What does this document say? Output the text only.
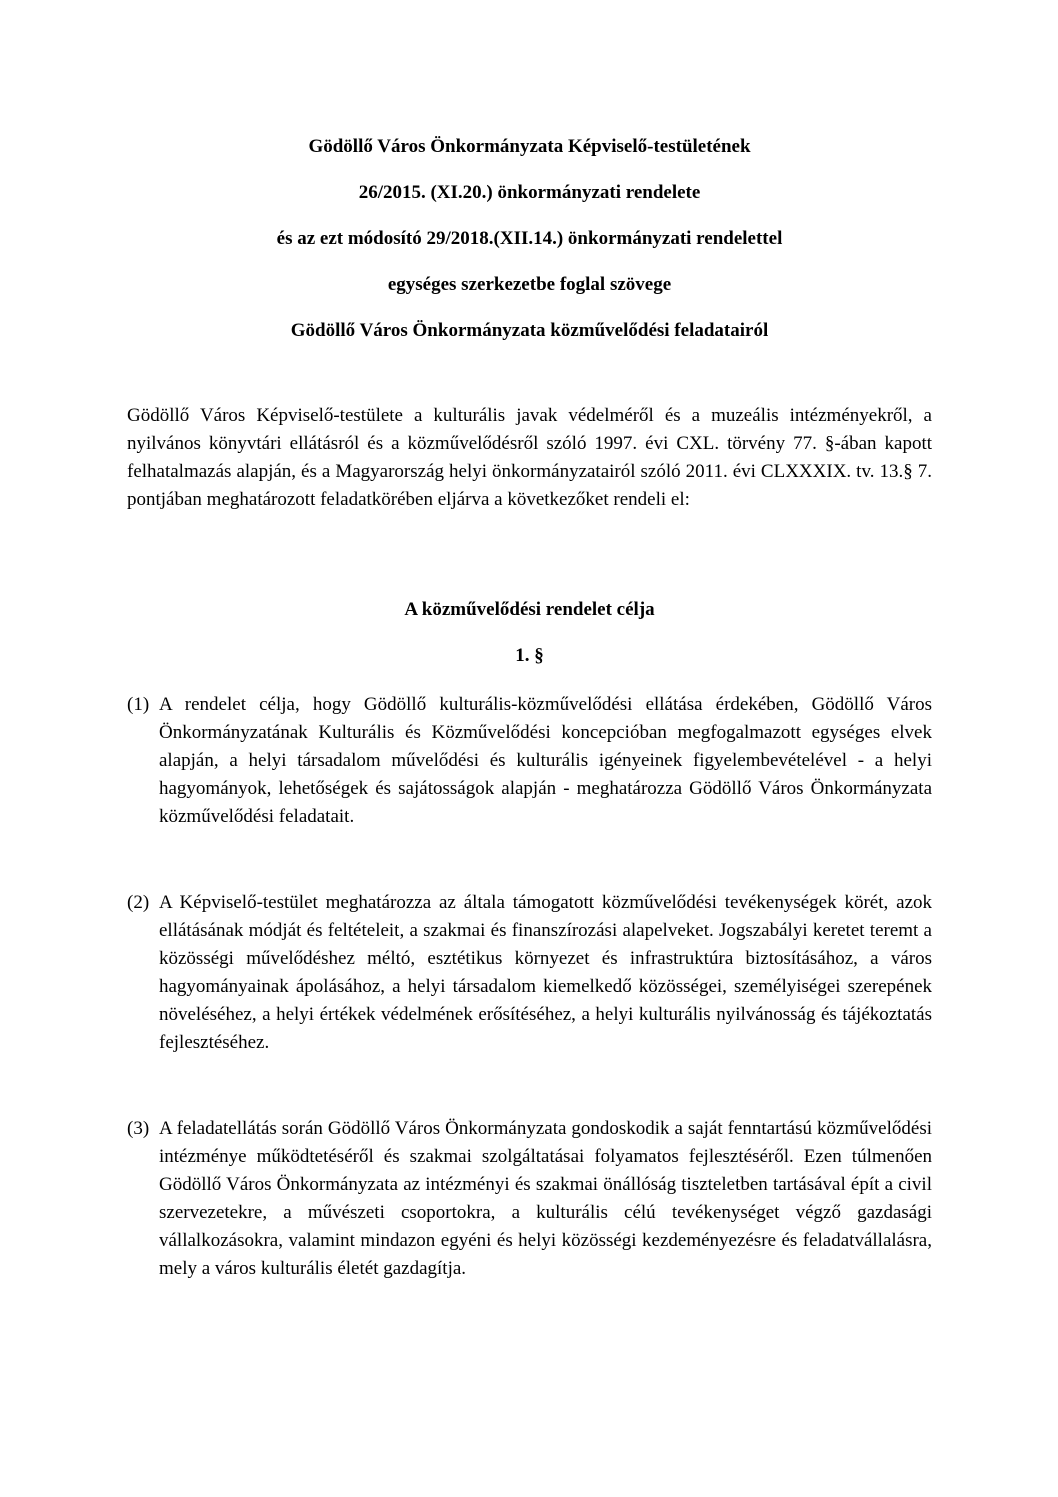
Gödöllő Város Önkormányzata Képviselő-testületének
26/2015. (XI.20.) önkormányzati rendelete
és az ezt módosító 29/2018.(XII.14.) önkormányzati rendelettel
egységes szerkezetbe foglal szövege
Gödöllő Város Önkormányzata közművelődési feladatairól

Gödöllő Város Képviselő-testülete a kulturális javak védelméről és a muzeális intézményekről, a nyilvános könyvtári ellátásról és a közművelődésről szóló 1997. évi CXL. törvény 77. §-ában kapott felhatalmazás alapján, és a Magyarország helyi önkormányzatairól szóló 2011. évi CLXXXIX. tv. 13.§ 7. pontjában meghatározott feladatkörében eljárva a következőket rendeli el:

A közművelődési rendelet célja
1. §
(1) A rendelet célja, hogy Gödöllő kulturális-közművelődési ellátása érdekében, Gödöllő Város Önkormányzatának Kulturális és Közművelődési koncepcióban megfogalmazott egységes elvek alapján, a helyi társadalom művelődési és kulturális igényeinek figyelembevételével - a helyi hagyományok, lehetőségek és sajátosságok alapján - meghatározza Gödöllő Város Önkormányzata közművelődési feladatait.
(2) A Képviselő-testület meghatározza az általa támogatott közművelődési tevékenységek körét, azok ellátásának módját és feltételeit, a szakmai és finanszírozási alapelveket. Jogszabályi keretet teremt a közösségi művelődéshez méltó, esztétikus környezet és infrastruktúra biztosításához, a város hagyományainak ápolásához, a helyi társadalom kiemelkedő közösségei, személyiségei szerepének növeléséhez, a helyi értékek védelmének erősítéséhez, a helyi kulturális nyilvánosság és tájékoztatás fejlesztéséhez.
(3) A feladatellátás során Gödöllő Város Önkormányzata gondoskodik a saját fenntartású közművelődési intézménye működtetéséről és szakmai szolgáltatásai folyamatos fejlesztéséről. Ezen túlmenően Gödöllő Város Önkormányzata az intézményi és szakmai önállóság tiszteletben tartásával épít a civil szervezetekre, a művészeti csoportokra, a kulturális célú tevékenységet végző gazdasági vállalkozásokra, valamint mindazon egyéni és helyi közösségi kezdeményezésre és feladatvállalásra, mely a város kulturális életét gazdagítja.
